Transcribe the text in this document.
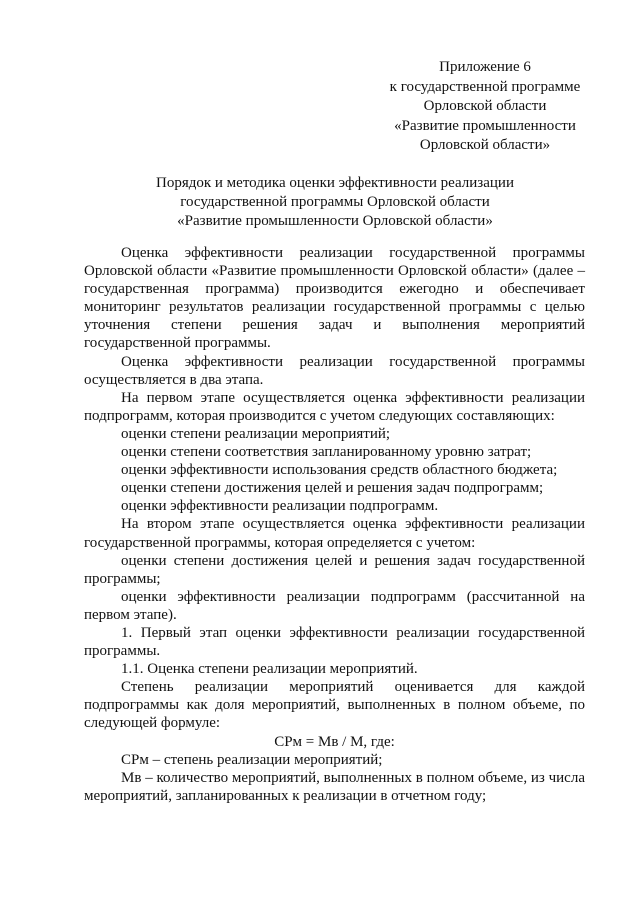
Приложение 6
к государственной программе
Орловской области
«Развитие промышленности
Орловской области»
Порядок и методика оценки эффективности реализации
государственной программы Орловской области
«Развитие промышленности Орловской области»

Оценка эффективности реализации государственной программы Орловской области «Развитие промышленности Орловской области» (далее – государственная программа) производится ежегодно и обеспечивает мониторинг результатов реализации государственной программы с целью уточнения степени решения задач и выполнения мероприятий государственной программы.

Оценка эффективности реализации государственной программы осуществляется в два этапа.

На первом этапе осуществляется оценка эффективности реализации подпрограмм, которая производится с учетом следующих составляющих:

оценки степени реализации мероприятий;

оценки степени соответствия запланированному уровню затрат;

оценки эффективности использования средств областного бюджета;

оценки степени достижения целей и решения задач подпрограмм;

оценки эффективности реализации подпрограмм.

На втором этапе осуществляется оценка эффективности реализации государственной программы, которая определяется с учетом:

оценки степени достижения целей и решения задач государственной программы;

оценки эффективности реализации подпрограмм (рассчитанной на первом этапе).

1. Первый этап оценки эффективности реализации государственной программы.

1.1. Оценка степени реализации мероприятий.

Степень реализации мероприятий оценивается для каждой подпрограммы как доля мероприятий, выполненных в полном объеме, по следующей формуле:

СРм = Мв / М, где:

СРм – степень реализации мероприятий;

Мв – количество мероприятий, выполненных в полном объеме, из числа мероприятий, запланированных к реализации в отчетном году;
